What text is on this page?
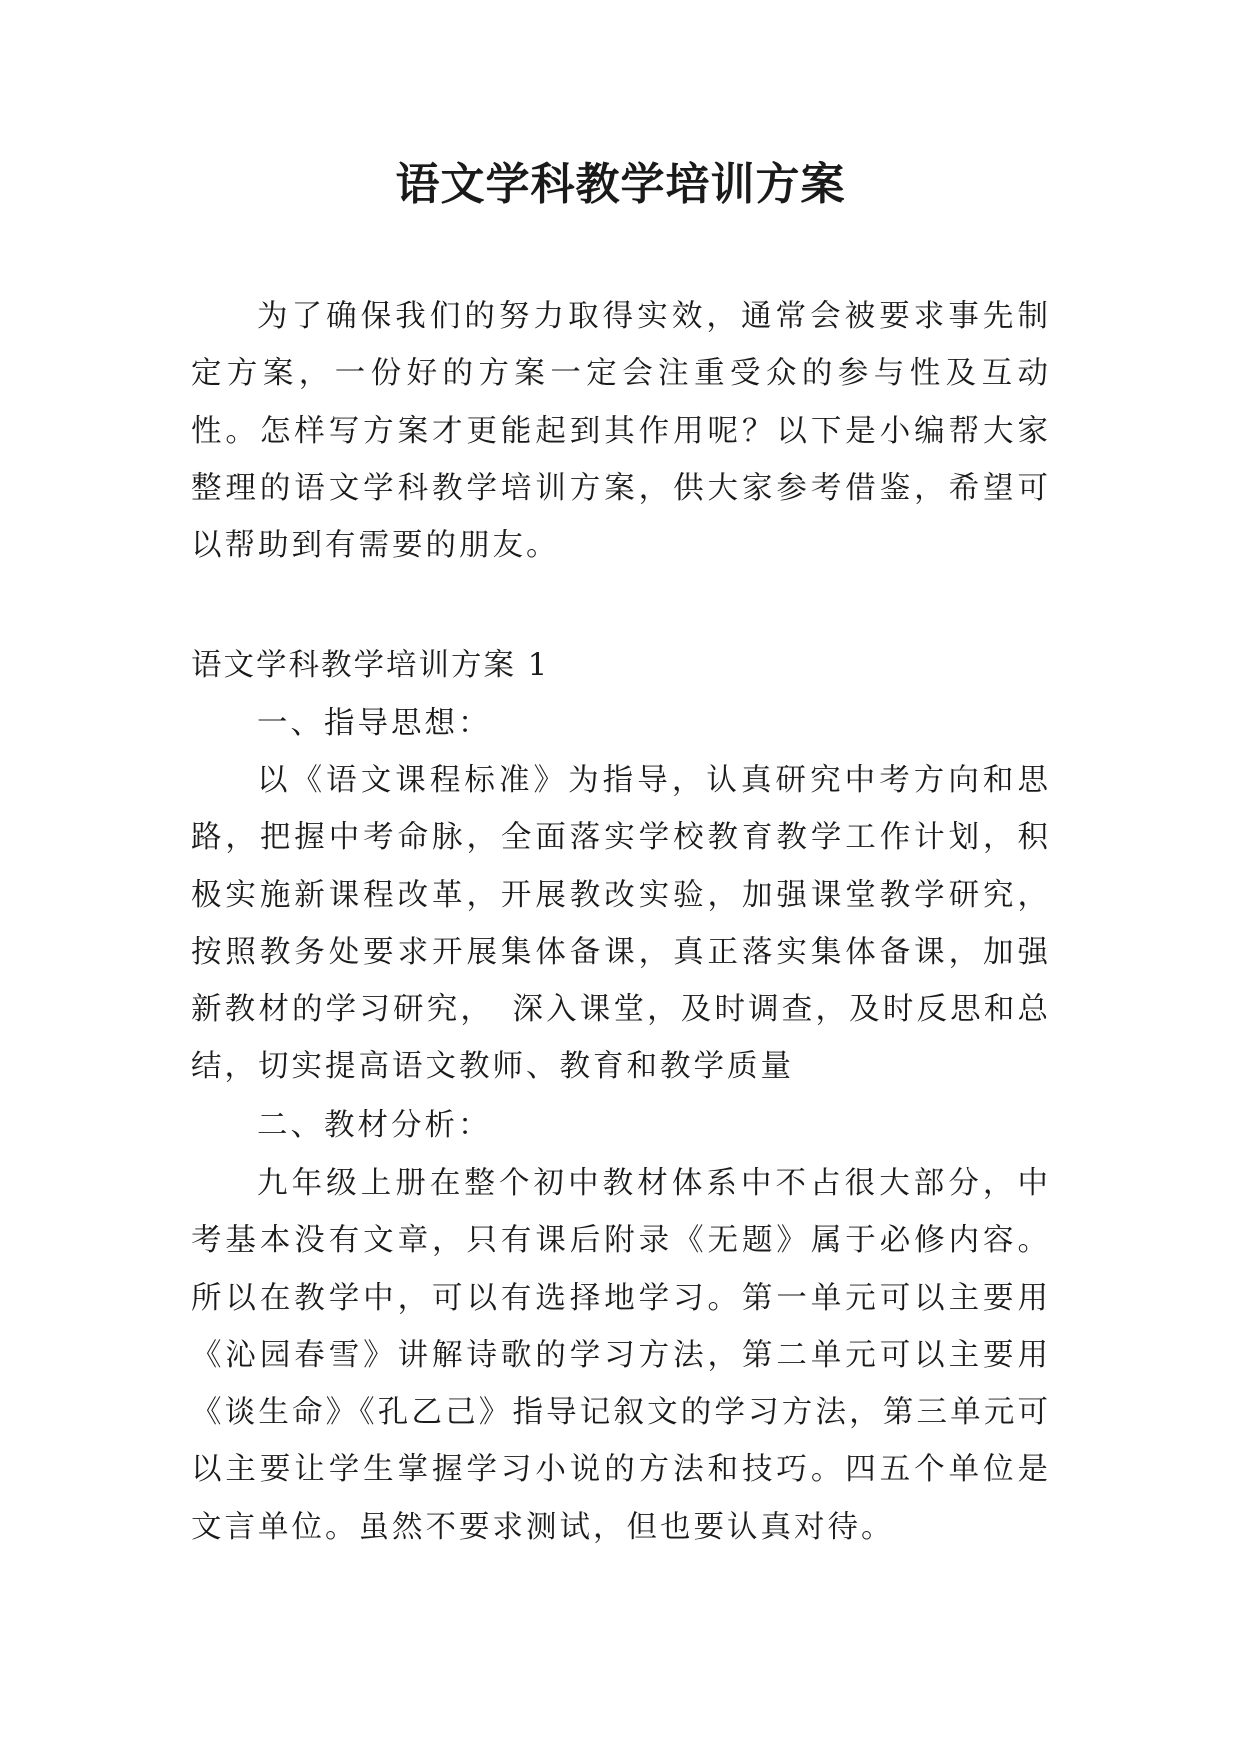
语文学科教学培训方案

为了确保我们的努力取得实效，通常会被要求事先制定方案，一份好的方案一定会注重受众的参与性及互动性。怎样写方案才更能起到其作用呢？以下是小编帮大家整理的语文学科教学培训方案，供大家参考借鉴，希望可以帮助到有需要的朋友。

语文学科教学培训方案 1

一、指导思想：

以《语文课程标准》为指导，认真研究中考方向和思路，把握中考命脉，全面落实学校教育教学工作计划，积极实施新课程改革，开展教改实验，加强课堂教学研究，按照教务处要求开展集体备课，真正落实集体备课，加强新教材的学习研究，　深入课堂，及时调查，及时反思和总结，切实提高语文教师、教育和教学质量

二、教材分析：

九年级上册在整个初中教材体系中不占很大部分，中考基本没有文章，只有课后附录《无题》属于必修内容。所以在教学中，可以有选择地学习。第一单元可以主要用《沁园春雪》讲解诗歌的学习方法，第二单元可以主要用《谈生命》《孔乙己》指导记叙文的学习方法，第三单元可以主要让学生掌握学习小说的方法和技巧。四五个单位是文言单位。虽然不要求测试，但也要认真对待。
